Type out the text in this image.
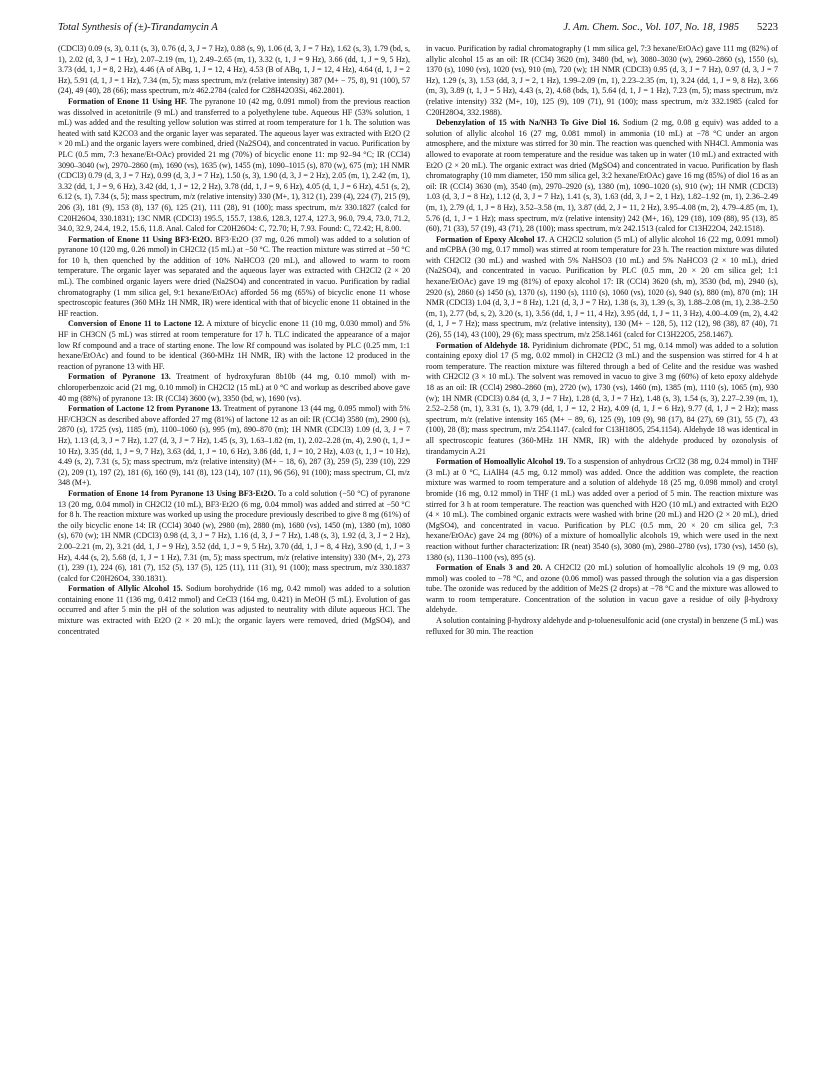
Total Synthesis of (±)-Tirandamycin A	J. Am. Chem. Soc., Vol. 107, No. 18, 1985 5223

(CDCl3) 0.09 (s, 3), 0.11 (s, 3), 0.76 (d, 3, J = 7 Hz), 0.88 (s, 9), 1.06 (d, 3, J = 7 Hz), 1.62 (s, 3), 1.79 (bd, s, 1), 2.02 (d, 3, J = 1 Hz), 2.07–2.19 (m, 1), 2.49–2.65 (m, 1), 3.32 (t, 1, J = 9 Hz), 3.66 (dd, 1, J = 9, 5 Hz), 3.73 (dd, 1, J = 8, 2 Hz), 4.46 (A of ABq, 1, J = 12, 4 Hz), 4.53 (B of ABq, 1, J = 12, 4 Hz), 4.64 (d, 1, J = 2 Hz), 5.91 (d, 1, J = 1 Hz), 7.34 (m, 5); mass spectrum, m/z (relative intensity) 387 (M+ − 75, 8), 91 (100), 57 (24), 49 (40), 28 (66); mass spectrum, m/z 462.2784 (calcd for C28H42O3Si, 462.2801).

Formation of Enone 11 Using HF. The pyranone 10 (42 mg, 0.091 mmol) from the previous reaction was dissolved in acetonitrile (9 mL) and transferred to a polyethylene tube. Aqueous HF (53% solution, 1 mL) was added and the resulting yellow solution was stirred at room temperature for 1 h. The solution was heated with satd K2CO3 and the organic layer was separated. The aqueous layer was extracted with Et2O (2 × 20 mL) and the organic layers were combined, dried (Na2SO4), and concentrated in vacuo. Purification by PLC (0.5 mm, 7:3 hexane/Et-OAc) provided 21 mg (70%) of bicyclic enone 11: mp 92–94 °C; IR (CCl4) 3090–3040 (w), 2970–2860 (m), 1690 (vs), 1635 (w), 1455 (m), 1090–1015 (s), 870 (w), 675 (m); 1H NMR (CDCl3) 0.79 (d, 3, J = 7 Hz), 0.99 (d, 3, J = 7 Hz), 1.50 (s, 3), 1.90 (d, 3, J = 2 Hz), 2.05 (m, 1), 2.42 (m, 1), 3.32 (dd, 1, J = 9, 6 Hz), 3.42 (dd, 1, J = 12, 2 Hz), 3.78 (dd, 1, J = 9, 6 Hz), 4.05 (d, 1, J = 6 Hz), 4.51 (s, 2), 6.12 (s, 1), 7.34 (s, 5); mass spectrum, m/z (relative intensity) 330 (M+, 1), 312 (1), 239 (4), 224 (7), 215 (9), 206 (3), 181 (9), 153 (8), 137 (6), 125 (21), 111 (28), 91 (100); mass spectrum, m/z 330.1827 (calcd for C20H26O4, 330.1831); 13C NMR (CDCl3) 195.5, 155.7, 138.6, 128.3, 127.4, 127.3, 96.0, 79.4, 73.0, 71.2, 34.0, 32.9, 24.4, 19.2, 15.6, 11.8. Anal. Calcd for C20H26O4: C, 72.70; H, 7.93. Found: C, 72.42; H, 8.00.

Formation of Enone 11 Using BF3·Et2O. BF3·Et2O (37 mg, 0.26 mmol) was added to a solution of pyranone 10 (120 mg, 0.26 mmol) in CH2Cl2 (15 mL) at −50 °C. The reaction mixture was stirred at −50 °C for 10 h, then quenched by the addition of 10% NaHCO3 (20 mL), and allowed to warm to room temperature. The organic layer was separated and the aqueous layer was extracted with CH2Cl2 (2 × 20 mL). The combined organic layers were dried (Na2SO4) and concentrated in vacuo. Purification by radial chromatography (1 mm silica gel, 9:1 hexane/EtOAc) afforded 56 mg (65%) of bicyclic enone 11 whose spectroscopic features (360 MHz 1H NMR, IR) were identical with that of bicyclic enone 11 obtained in the HF reaction.

Conversion of Enone 11 to Lactone 12. A mixture of bicyclic enone 11 (10 mg, 0.030 mmol) and 5% HF in CH3CN (5 mL) was stirred at room temperature for 17 h. TLC indicated the appearance of a major low Rf compound and a trace of starting enone. The low Rf compound was isolated by PLC (0.25 mm, 1:1 hexane/EtOAc) and found to be identical (360-MHz 1H NMR, IR) with the lactone 12 produced in the reaction of pyranone 13 with HF.

Formation of Pyranone 13. Treatment of hydroxyfuran 8b10b (44 mg, 0.10 mmol) with m-chloroperbenzoic acid (21 mg, 0.10 mmol) in CH2Cl2 (15 mL) at 0 °C and workup as described above gave 40 mg (88%) of pyranone 13: IR (CCl4) 3600 (w), 3350 (bd, w), 1690 (vs).

Formation of Lactone 12 from Pyranone 13. Treatment of pyranone 13 (44 mg, 0.095 mmol) with 5% HF/CH3CN as described above afforded 27 mg (81%) of lactone 12 as an oil: IR (CCl4) 3580 (m), 2900 (s), 2870 (s), 1725 (vs), 1185 (m), 1100–1060 (s), 995 (m), 890–870 (m); 1H NMR (CDCl3) 1.09 (d, 3, J = 7 Hz), 1.13 (d, 3, J = 7 Hz), 1.27 (d, 3, J = 7 Hz), 1.45 (s, 3), 1.63–1.82 (m, 1), 2.02–2.28 (m, 4), 2.90 (t, 1, J = 10 Hz), 3.35 (dd, 1, J = 9, 7 Hz), 3.63 (dd, 1, J = 10, 6 Hz), 3.86 (dd, 1, J = 10, 2 Hz), 4.03 (t, 1, J = 10 Hz), 4.49 (s, 2), 7.31 (s, 5); mass spectrum, m/z (relative intensity) (M+ − 18, 6), 287 (3), 259 (5), 239 (10), 229 (2), 209 (1), 197 (2), 181 (6), 160 (9), 141 (8), 123 (14), 107 (11), 96 (56), 91 (100); mass spectrum, CI, m/z 348 (M+).

Formation of Enone 14 from Pyranone 13 Using BF3·Et2O. To a cold solution (−50 °C) of pyranone 13 (20 mg, 0.04 mmol) in CH2Cl2 (10 mL), BF3·Et2O (6 mg, 0.04 mmol) was added and stirred at −50 °C for 8 h. The reaction mixture was worked up using the procedure previously described to give 8 mg (61%) of the oily bicyclic enone 14: IR (CCl4) 3040 (w), 2980 (m), 2880 (m), 1680 (vs), 1450 (m), 1380 (m), 1080 (s), 670 (w); 1H NMR (CDCl3) 0.98 (d, 3, J = 7 Hz), 1.16 (d, 3, J = 7 Hz), 1.48 (s, 3), 1.92 (d, 3, J = 2 Hz), 2.00–2.21 (m, 2), 3.21 (dd, 1, J = 9 Hz), 3.52 (dd, 1, J = 9, 5 Hz), 3.70 (dd, 1, J = 8, 4 Hz), 3.90 (d, 1, J = 3 Hz), 4.44 (s, 2), 5.68 (d, 1, J = 1 Hz), 7.31 (m, 5); mass spectrum, m/z (relative intensity) 330 (M+, 2), 273 (1), 239 (1), 224 (6), 181 (7), 152 (5), 137 (5), 125 (11), 111 (31), 91 (100); mass spectrum, m/z 330.1837 (calcd for C20H26O4, 330.1831).

Formation of Allylic Alcohol 15. Sodium borohydride (16 mg, 0.42 mmol) was added to a solution containing enone 11 (136 mg, 0.412 mmol) and CeCl3 (164 mg, 0.421) in MeOH (5 mL). Evolution of gas occurred and after 5 min the pH of the solution was adjusted to neutrality with dilute aqueous HCl. The mixture was extracted with Et2O (2 × 20 mL); the organic layers were removed, dried (MgSO4), and concentrated

in vacuo. Purification by radial chromatography (1 mm silica gel, 7:3 hexane/EtOAc) gave 111 mg (82%) of allylic alcohol 15 as an oil: IR (CCl4) 3620 (m), 3480 (bd, w), 3080–3030 (w), 2960–2860 (s), 1550 (s), 1370 (s), 1090 (vs), 1020 (vs), 910 (m), 720 (w); 1H NMR (CDCl3) 0.95 (d, 3, J = 7 Hz), 0.97 (d, 3, J = 7 Hz), 1.29 (s, 3), 1.53 (dd, 3, J = 2, 1 Hz), 1.99–2.09 (m, 1), 2.23–2.35 (m, 1), 3.24 (dd, 1, J = 9, 8 Hz), 3.66 (m, 3), 3.89 (t, 1, J = 5 Hz), 4.43 (s, 2), 4.68 (bds, 1), 5.64 (d, 1, J = 1 Hz), 7.23 (m, 5); mass spectrum, m/z (relative intensity) 332 (M+, 10), 125 (9), 109 (71), 91 (100); mass spectrum, m/z 332.1985 (calcd for C20H28O4, 332.1988).

Debenzylation of 15 with Na/NH3 To Give Diol 16. Sodium (2 mg, 0.08 g equiv) was added to a solution of allylic alcohol 16 (27 mg, 0.081 mmol) in ammonia (10 mL) at −78 °C under an argon atmosphere, and the mixture was stirred for 30 min. The reaction was quenched with NH4Cl. Ammonia was allowed to evaporate at room temperature and the residue was taken up in water (10 mL) and extracted with Et2O (2 × 20 mL). The organic extract was dried (MgSO4) and concentrated in vacuo. Purification by flash chromatography (10 mm diameter, 150 mm silica gel, 3:2 hexane/EtOAc) gave 16 mg (85%) of diol 16 as an oil: IR (CCl4) 3630 (m), 3540 (m), 2970–2920 (s), 1380 (m), 1090–1020 (s), 910 (w); 1H NMR (CDCl3) 1.03 (d, 3, J = 8 Hz), 1.12 (d, 3, J = 7 Hz), 1.41 (s, 3), 1.63 (dd, 3, J = 2, 1 Hz), 1.82–1.92 (m, 1), 2.36–2.49 (m, 1), 2.79 (d, 1, J = 8 Hz), 3.52–3.58 (m, 1), 3.87 (dd, 2, J = 11, 2 Hz), 3.95–4.08 (m, 2), 4.79–4.85 (m, 1), 5.76 (d, 1, J = 1 Hz); mass spectrum, m/z (relative intensity) 242 (M+, 16), 129 (18), 109 (88), 95 (13), 85 (60), 71 (33), 57 (19), 43 (71), 28 (100); mass spectrum, m/z 242.1513 (calcd for C13H22O4, 242.1518).

Formation of Epoxy Alcohol 17. A CH2Cl2 solution (5 mL) of allylic alcohol 16 (22 mg, 0.091 mmol) and mCPBA (30 mg, 0.17 mmol) was stirred at room temperature for 23 h. The reaction mixture was diluted with CH2Cl2 (30 mL) and washed with 5% NaHSO3 (10 mL) and 5% NaHCO3 (2 × 10 mL), dried (Na2SO4), and concentrated in vacuo. Purification by PLC (0.5 mm, 20 × 20 cm silica gel; 1:1 hexane/EtOAc) gave 19 mg (81%) of epoxy alcohol 17: IR (CCl4) 3620 (sh, m), 3530 (bd, m), 2940 (s), 2920 (s), 2860 (s) 1450 (s), 1370 (s), 1190 (s), 1110 (s), 1060 (vs), 1020 (s), 940 (s), 880 (m), 870 (m); 1H NMR (CDCl3) 1.04 (d, 3, J = 8 Hz), 1.21 (d, 3, J = 7 Hz), 1.38 (s, 3), 1.39 (s, 3), 1.88–2.08 (m, 1), 2.38–2.50 (m, 1), 2.77 (bd, s, 2), 3.20 (s, 1), 3.56 (dd, 1, J = 11, 4 Hz), 3.95 (dd, 1, J = 11, 3 Hz), 4.00–4.09 (m, 2), 4.42 (d, 1, J = 7 Hz); mass spectrum, m/z (relative intensity), 130 (M+ − 128, 5), 112 (12), 98 (38), 87 (40), 71 (26), 55 (14), 43 (100), 29 (6); mass spectrum, m/z 258.1461 (calcd for C13H22O5, 258.1467).

Formation of Aldehyde 18. Pyridinium dichromate (PDC, 51 mg, 0.14 mmol) was added to a solution containing epoxy diol 17 (5 mg, 0.02 mmol) in CH2Cl2 (3 mL) and the suspension was stirred for 4 h at room temperature. The reaction mixture was filtered through a bed of Celite and the residue was washed with CH2Cl2 (3 × 10 mL). The solvent was removed in vacuo to give 3 mg (60%) of keto epoxy aldehyde 18 as an oil: IR (CCl4) 2980–2860 (m), 2720 (w), 1730 (vs), 1460 (m), 1385 (m), 1110 (s), 1065 (m), 930 (w); 1H NMR (CDCl3) 0.84 (d, 3, J = 7 Hz), 1.28 (d, 3, J = 7 Hz), 1.48 (s, 3), 1.54 (s, 3), 2.27–2.39 (m, 1), 2.52–2.58 (m, 1), 3.31 (s, 1), 3.79 (dd, 1, J = 12, 2 Hz), 4.09 (d, 1, J = 6 Hz), 9.77 (d, 1, J = 2 Hz); mass spectrum, m/z (relative intensity 165 (M+ − 89, 6), 125 (9), 109 (9), 98 (17), 84 (27), 69 (31), 55 (7), 43 (100), 28 (8); mass spectrum, m/z 254.1147. (calcd for C13H18O5, 254.1154). Aldehyde 18 was identical in all spectroscopic features (360-MHz 1H NMR, IR) with the aldehyde produced by ozonolysis of tirandamycin A.21

Formation of Homoallylic Alcohol 19. To a suspension of anhydrous CrCl2 (38 mg, 0.24 mmol) in THF (3 mL) at 0 °C, LiAlH4 (4.5 mg, 0.12 mmol) was added. Once the addition was complete, the reaction mixture was warmed to room temperature and a solution of aldehyde 18 (25 mg, 0.098 mmol) and crotyl bromide (16 mg, 0.12 mmol) in THF (1 mL) was added over a period of 5 min. The reaction mixture was stirred for 3 h at room temperature. The reaction was quenched with H2O (10 mL) and extracted with Et2O (4 × 10 mL). The combined organic extracts were washed with brine (20 mL) and H2O (2 × 20 mL), dried (MgSO4), and concentrated in vacuo. Purification by PLC (0.5 mm, 20 × 20 cm silica gel, 7:3 hexane/EtOAc) gave 24 mg (80%) of a mixture of homoallylic alcohols 19, which were used in the next reaction without further characterization: IR (neat) 3540 (s), 3080 (m), 2980–2780 (vs), 1730 (vs), 1450 (s), 1380 (s), 1130–1100 (vs), 895 (s).

Formation of Enals 3 and 20. A CH2Cl2 (20 mL) solution of homoallylic alcohols 19 (9 mg, 0.03 mmol) was cooled to −78 °C, and ozone (0.06 mmol) was passed through the solution via a gas dispersion tube. The ozonide was reduced by the addition of Me2S (2 drops) at −78 °C and the mixture was allowed to warm to room temperature. Concentration of the solution in vacuo gave a residue of oily β-hydroxy aldehyde.

A solution containing β-hydroxy aldehyde and p-toluenesulfonic acid (one crystal) in benzene (5 mL) was refluxed for 30 min. The reaction
